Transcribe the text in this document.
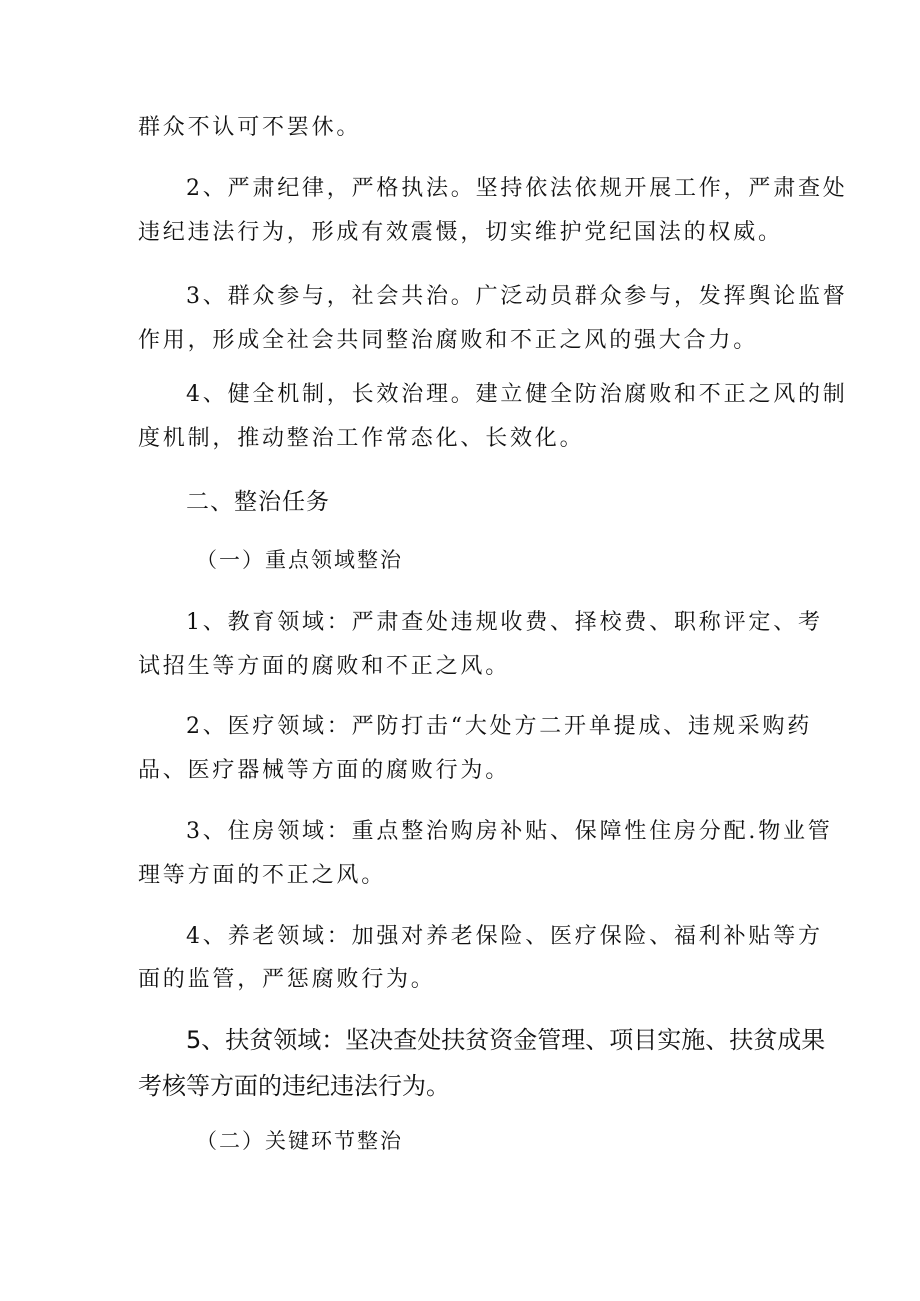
群众不认可不罢休。
2、严肃纪律，严格执法。坚持依法依规开展工作，严肃查处
违纪违法行为，形成有效震慑，切实维护党纪国法的权威。
3、群众参与，社会共治。广泛动员群众参与，发挥舆论监督
作用，形成全社会共同整治腐败和不正之风的强大合力。
4、健全机制，长效治理。建立健全防治腐败和不正之风的制
度机制，推动整治工作常态化、长效化。
二、整治任务
（一）重点领域整治
1、教育领域：严肃查处违规收费、择校费、职称评定、考
试招生等方面的腐败和不正之风。
2、医疗领域：严防打击“大处方二开单提成、违规采购药
品、医疗器械等方面的腐败行为。
3、住房领域：重点整治购房补贴、保障性住房分配.物业管
理等方面的不正之风。
4、养老领域：加强对养老保险、医疗保险、福利补贴等方
面的监管，严惩腐败行为。
5、扶贫领域：坚决查处扶贫资金管理、项目实施、扶贫成果
考核等方面的违纪违法行为。
（二）关键环节整治
